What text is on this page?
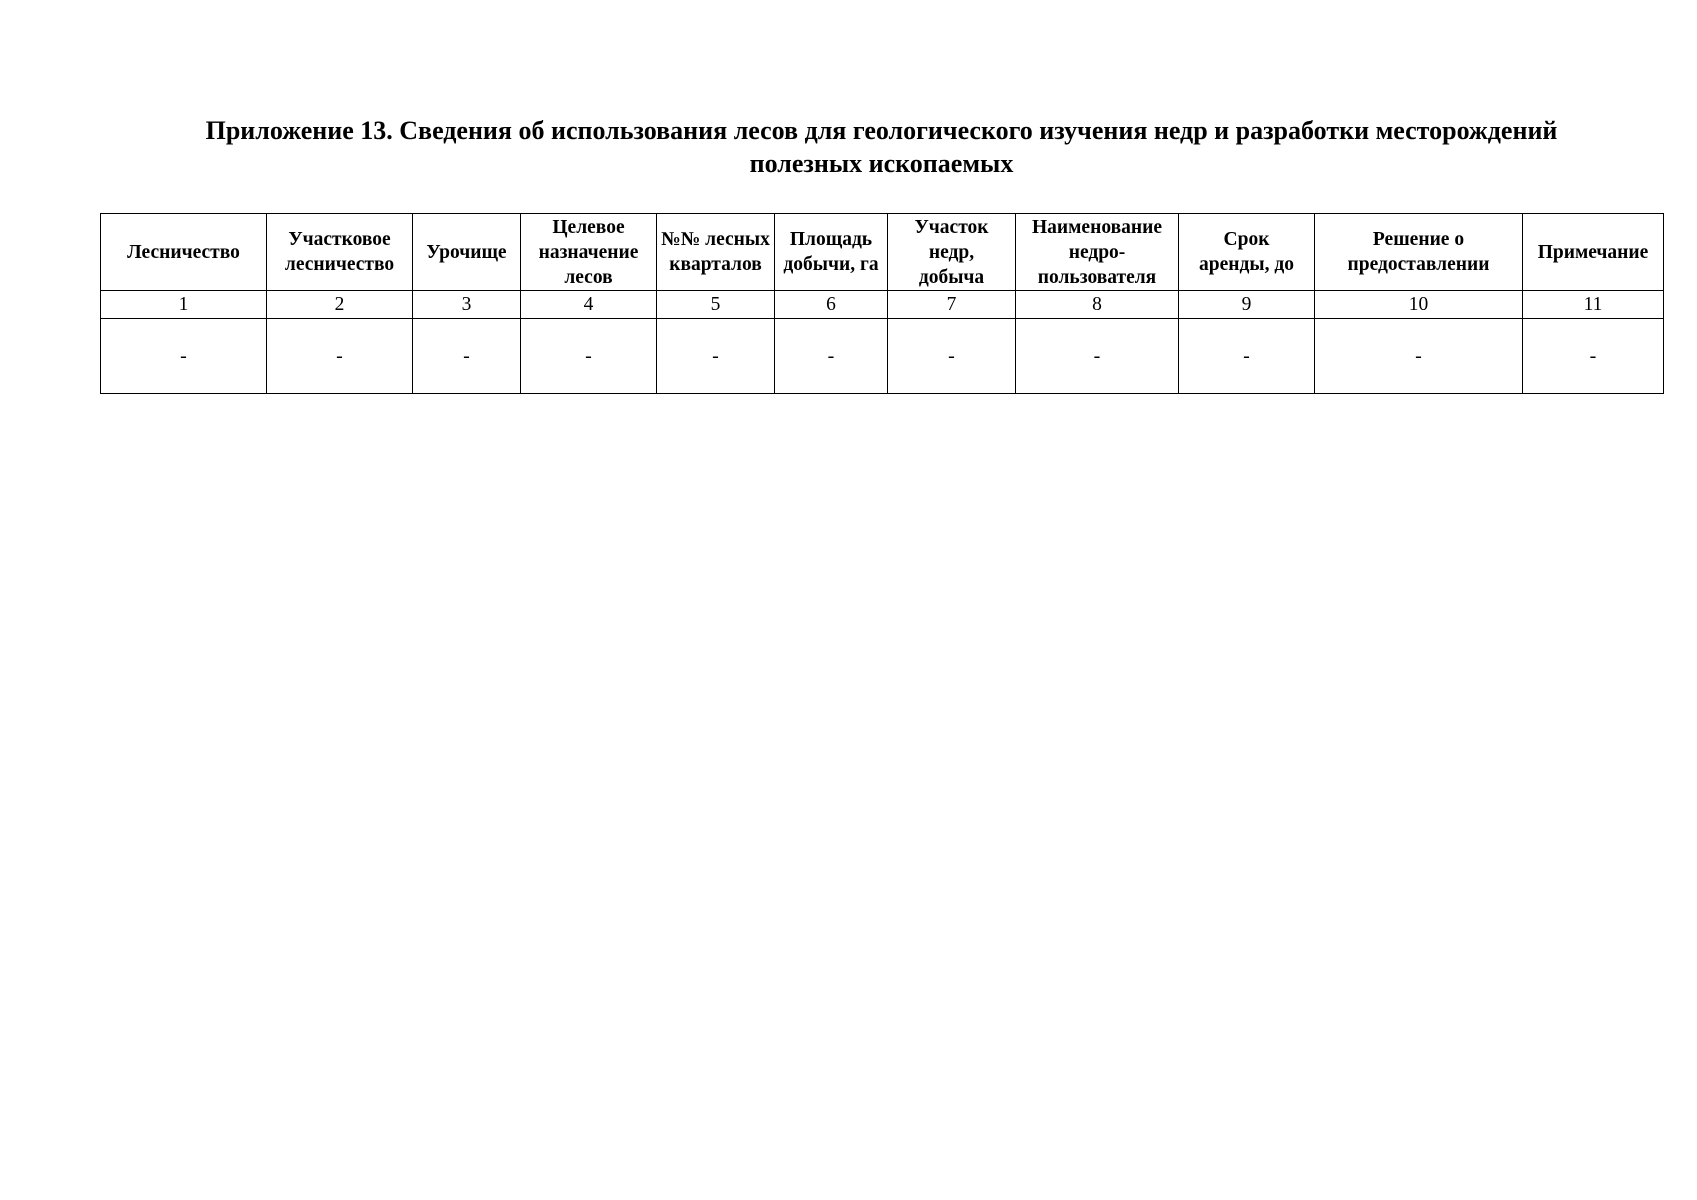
Приложение 13. Сведения об использования лесов для геологического изучения недр и разработки месторождений
полезных ископаемых
Лесничество	Участковое лесничество	Урочище	Целевое назначение лесов	№№ лесных кварталов	Площадь добычи, га	Участок недр, добыча	Наименование недро-пользователя	Срок аренды, до	Решение о предоставлении	Примечание

1	2	3	4	5	6	7	8	9	10	11
-	-	-	-	-	-	-	-	-	-	-
